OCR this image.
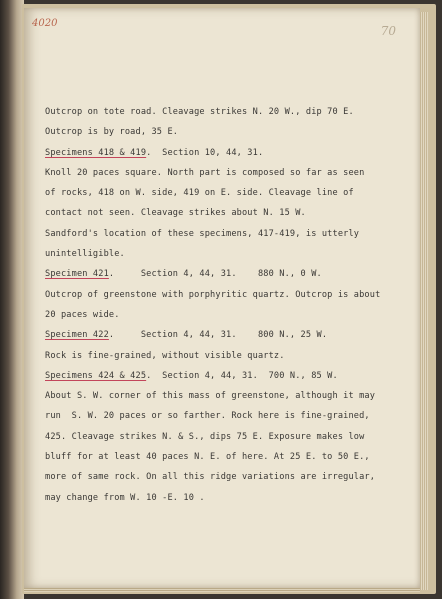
4020
70
Outcrop on tote road. Cleavage strikes N. 20 W., dip 70 E.
Outcrop is by road, 35 E.
Specimens 418 & 419.  Section 10, 44, 31.
Knoll 20 paces square. North part is composed so far as seen
of rocks, 418 on W. side, 419 on E. side. Cleavage line of
contact not seen. Cleavage strikes about N. 15 W.
Sandford's location of these specimens, 417-419, is utterly
unintelligible.
Specimen 421.     Section 4, 44, 31.    880 N., 0 W.
Outcrop of greenstone with porphyritic quartz. Outcrop is about
20 paces wide.
Specimen 422.     Section 4, 44, 31.    800 N., 25 W.
Rock is fine-grained, without visible quartz.
Specimens 424 & 425.  Section 4, 44, 31.  700 N., 85 W.
About S. W. corner of this mass of greenstone, although it may
run  S. W. 20 paces or so farther. Rock here is fine-grained,
425. Cleavage strikes N. & S., dips 75 E. Exposure makes low
bluff for at least 40 paces N. E. of here. At 25 E. to 50 E.,
more of same rock. On all this ridge variations are irregular,
may change from W. 10 -E. 10 .
